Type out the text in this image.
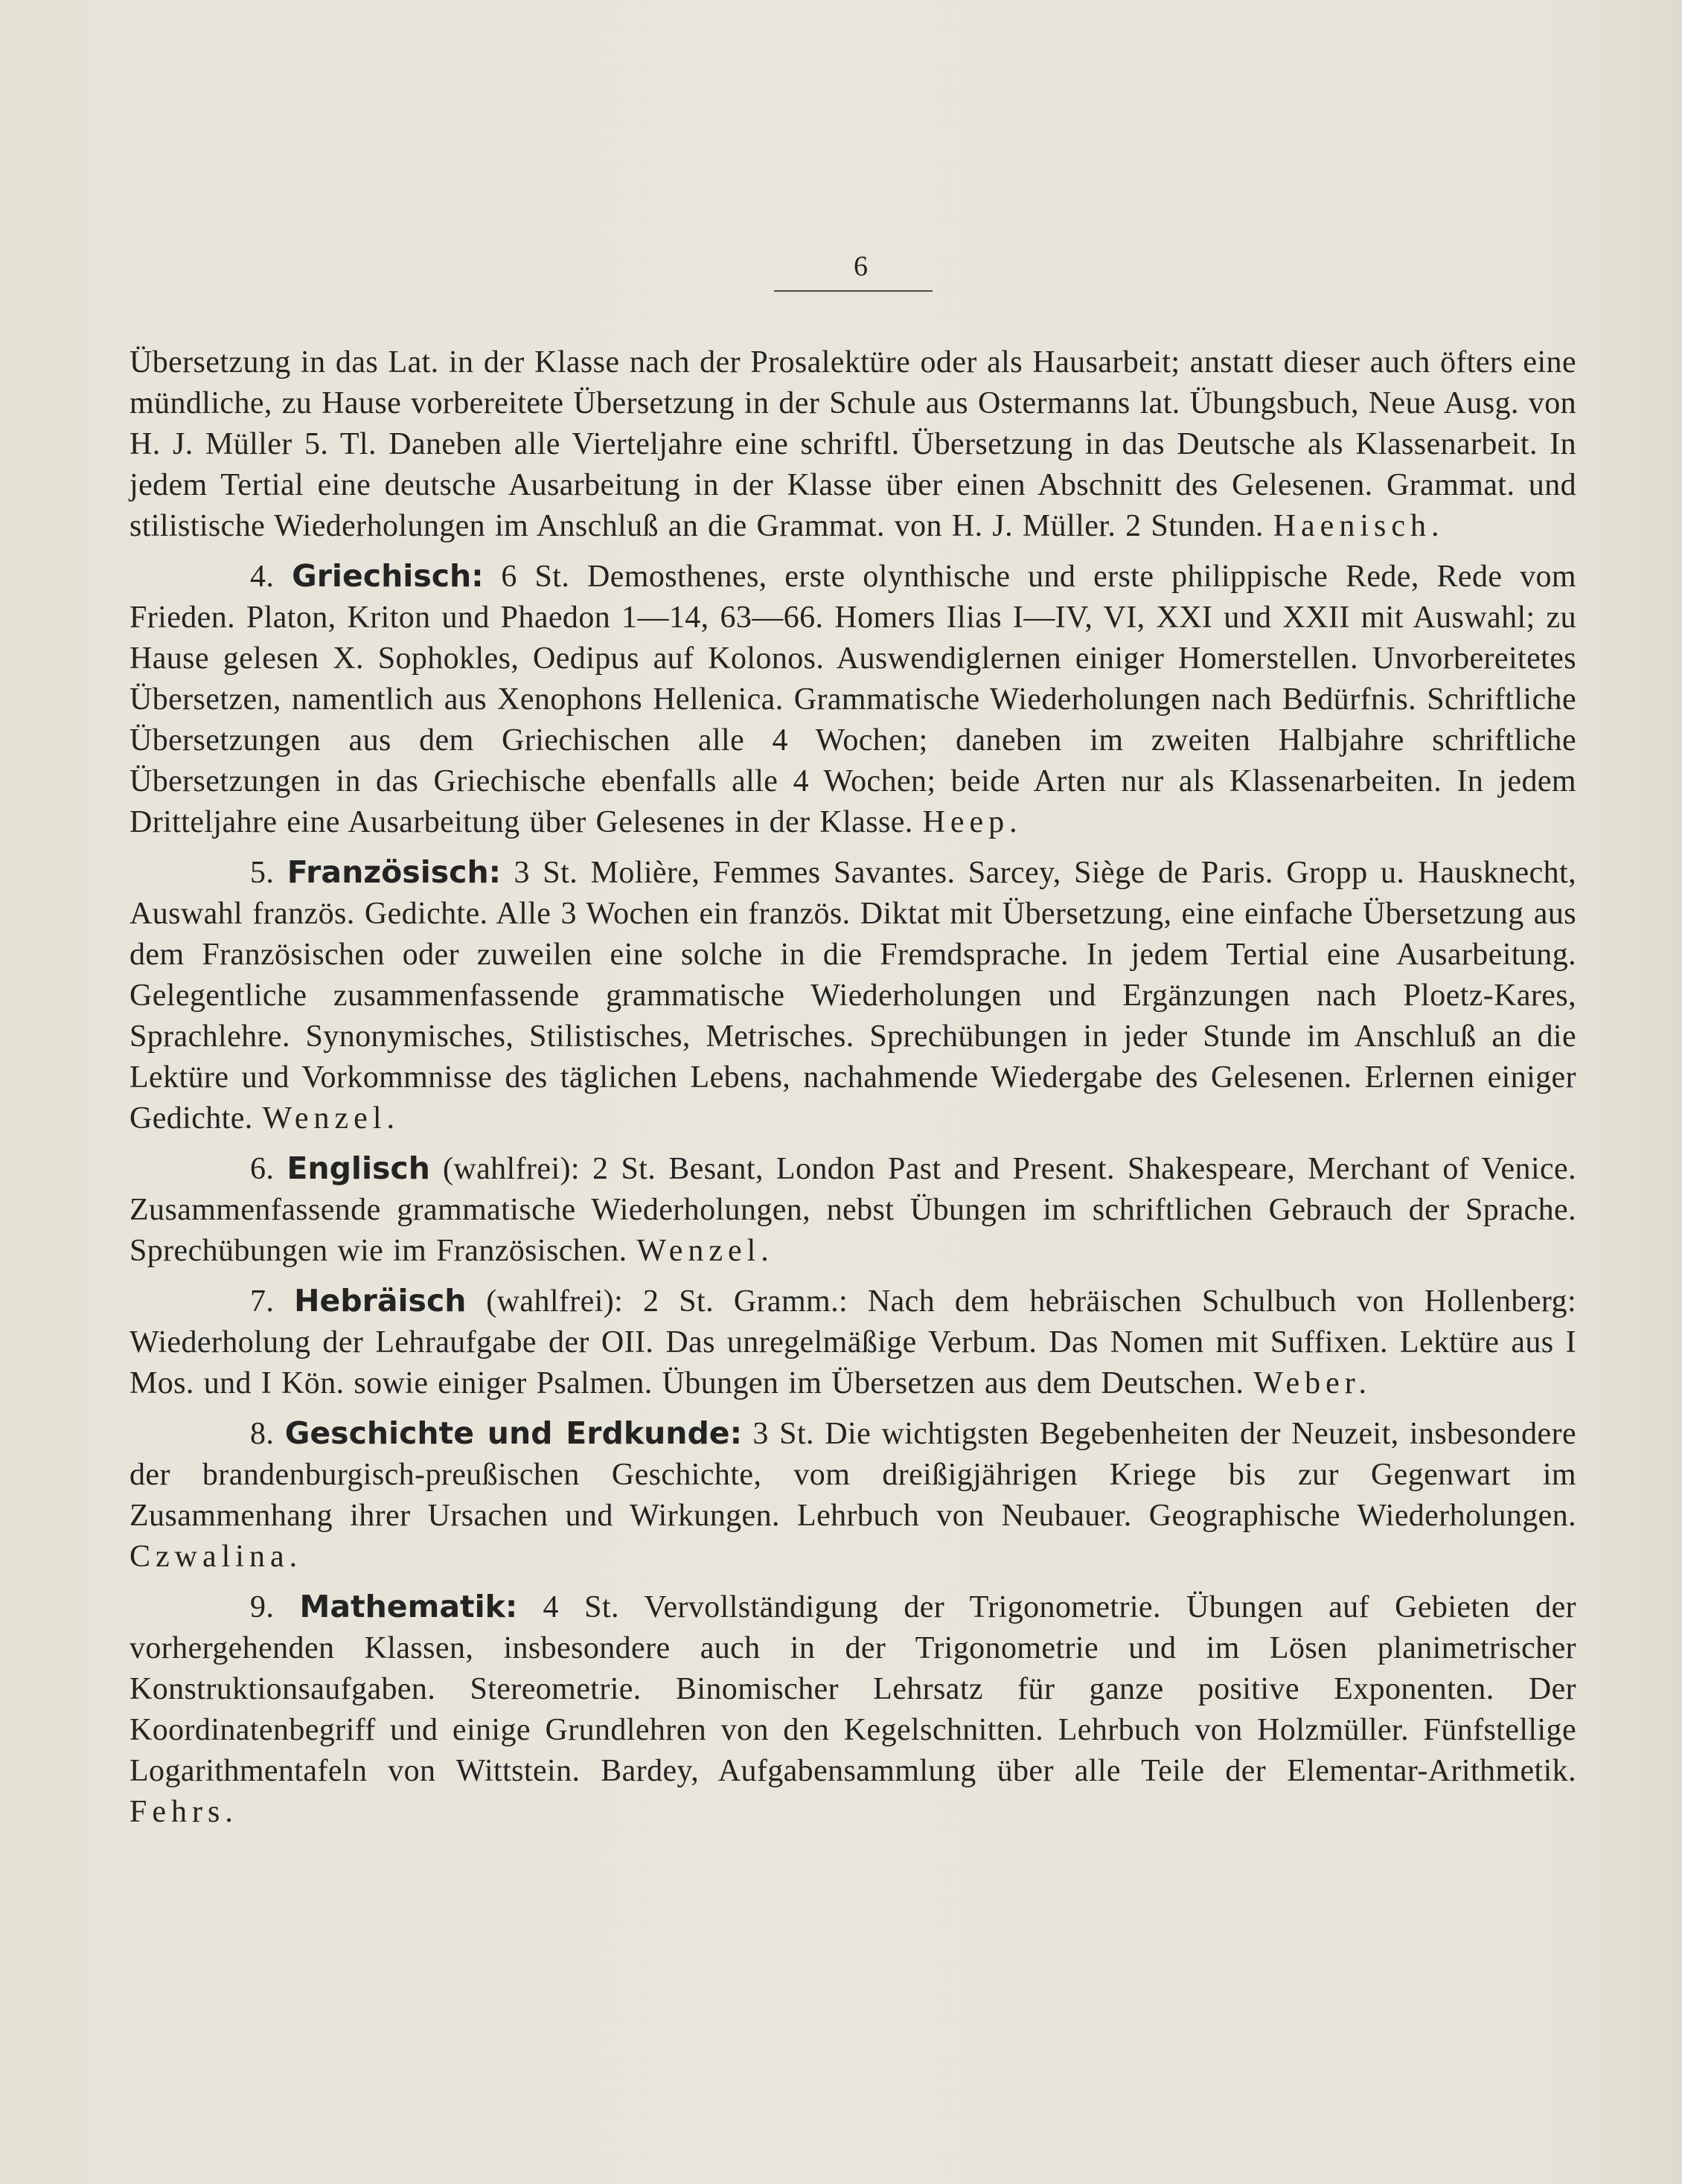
6

Übersetzung in das Lat. in der Klasse nach der Prosalektüre oder als Hausarbeit; anstatt dieser auch öfters eine mündliche, zu Hause vorbereitete Übersetzung in der Schule aus Ostermanns lat. Übungsbuch, Neue Ausg. von H. J. Müller 5. Tl. Daneben alle Vierteljahre eine schriftl. Übersetzung in das Deutsche als Klassenarbeit. In jedem Tertial eine deutsche Ausarbeitung in der Klasse über einen Abschnitt des Gelesenen. Grammat. und stilistische Wiederholungen im Anschluß an die Grammat. von H. J. Müller. 2 Stunden. Haenisch.

4. Griechisch: 6 St. Demosthenes, erste olynthische und erste philippische Rede, Rede vom Frieden. Platon, Kriton und Phaedon 1—14, 63—66. Homers Ilias I—IV, VI, XXI und XXII mit Auswahl; zu Hause gelesen X. Sophokles, Oedipus auf Kolonos. Auswendiglernen einiger Homerstellen. Unvorbereitetes Übersetzen, namentlich aus Xenophons Hellenica. Grammatische Wiederholungen nach Bedürfnis. Schriftliche Übersetzungen aus dem Griechischen alle 4 Wochen; daneben im zweiten Halbjahre schriftliche Übersetzungen in das Griechische ebenfalls alle 4 Wochen; beide Arten nur als Klassenarbeiten. In jedem Dritteljahre eine Ausarbeitung über Gelesenes in der Klasse. Heep.

5. Französisch: 3 St. Molière, Femmes Savantes. Sarcey, Siège de Paris. Gropp u. Hausknecht, Auswahl französ. Gedichte. Alle 3 Wochen ein französ. Diktat mit Übersetzung, eine einfache Übersetzung aus dem Französischen oder zuweilen eine solche in die Fremdsprache. In jedem Tertial eine Ausarbeitung. Gelegentliche zusammenfassende grammatische Wiederholungen und Ergänzungen nach Ploetz-Kares, Sprachlehre. Synonymisches, Stilistisches, Metrisches. Sprechübungen in jeder Stunde im Anschluß an die Lektüre und Vorkommnisse des täglichen Lebens, nachahmende Wiedergabe des Gelesenen. Erlernen einiger Gedichte. Wenzel.

6. Englisch (wahlfrei): 2 St. Besant, London Past and Present. Shakespeare, Merchant of Venice. Zusammenfassende grammatische Wiederholungen, nebst Übungen im schriftlichen Gebrauch der Sprache. Sprechübungen wie im Französischen. Wenzel.

7. Hebräisch (wahlfrei): 2 St. Gramm.: Nach dem hebräischen Schulbuch von Hollenberg: Wiederholung der Lehraufgabe der OII. Das unregelmäßige Verbum. Das Nomen mit Suffixen. Lektüre aus I Mos. und I Kön. sowie einiger Psalmen. Übungen im Übersetzen aus dem Deutschen. Weber.

8. Geschichte und Erdkunde: 3 St. Die wichtigsten Begebenheiten der Neuzeit, insbesondere der brandenburgisch-preußischen Geschichte, vom dreißigjährigen Kriege bis zur Gegenwart im Zusammenhang ihrer Ursachen und Wirkungen. Lehrbuch von Neubauer. Geographische Wiederholungen. Czwalina.

9. Mathematik: 4 St. Vervollständigung der Trigonometrie. Übungen auf Gebieten der vorhergehenden Klassen, insbesondere auch in der Trigonometrie und im Lösen planimetrischer Konstruktionsaufgaben. Stereometrie. Binomischer Lehrsatz für ganze positive Exponenten. Der Koordinatenbegriff und einige Grundlehren von den Kegelschnitten. Lehrbuch von Holzmüller. Fünfstellige Logarithmentafeln von Wittstein. Bardey, Aufgabensammlung über alle Teile der Elementar-Arithmetik. Fehrs.
